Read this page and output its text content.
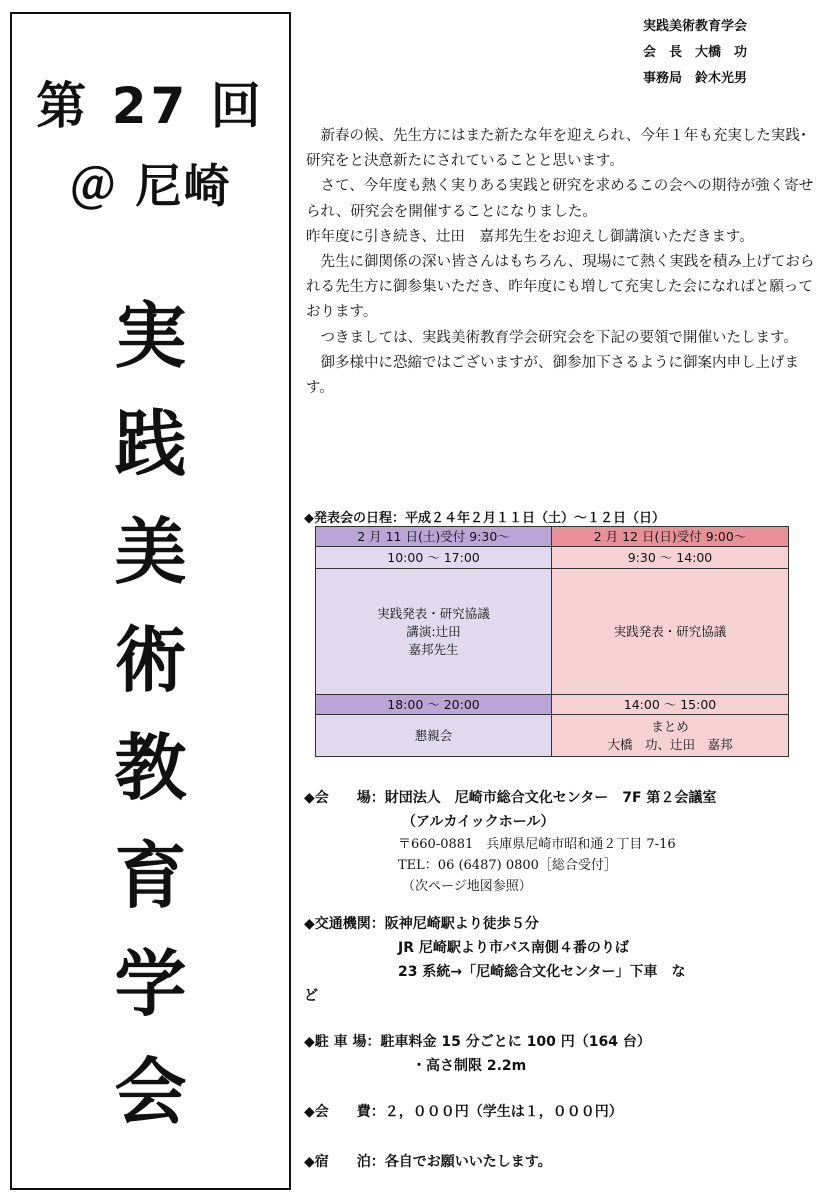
第 27 回
＠ 尼崎
実
践
美
術
教
育
学
会
実践美術教育学会
会　長　大橋　功
事務局　鈴木光男

新春の候、先生方にはまた新たな年を迎えられ、今年１年も充実した実践･研究をと決意新たにされていることと思います。

さて、今年度も熱く実りある実践と研究を求めるこの会への期待が強く寄せられ、研究会を開催することになりました。

昨年度に引き続き、辻田　嘉邦先生をお迎えし御講演いただきます。

先生に御関係の深い皆さんはもちろん、現場にて熱く実践を積み上げておられる先生方に御参集いただき、昨年度にも増して充実した会になればと願っております。

つきましては、実践美術教育学会研究会を下記の要領で開催いたします。

御多様中に恐縮ではございますが、御参加下さるように御案内申し上げます。

◆発表会の日程：平成２４年２月１１日（土）～１２日（日）
2 月 11 日(土)受付 9:30～	2 月 12 日(日)受付 9:00～
10:00 ～ 17:00	9:30 ～ 14:00

実践発表・研究協議
講演:辻田
嘉邦先生	実践発表・研究協議
18:00 ～ 20:00	14:00 ～ 15:00
懇親会	まとめ
大橋　功、辻田　嘉邦
◆会　　場：財団法人　尼崎市総合文化センター　7F 第２会議室
（アルカイックホール）
〒660-0881　兵庫県尼崎市昭和通２丁目 7-16
TEL：06 (6487) 0800［総合受付］
（次ページ地図参照）
◆交通機関：阪神尼崎駅より徒歩５分
JR 尼崎駅より市バス南側４番のりば
23 系統→「尼崎総合文化センター」下車　な
ど
◆駐 車 場：駐車料金 15 分ごとに 100 円（164 台）
・高さ制限 2.2m
◆会　　費：２，０００円（学生は１，０００円）
◆宿　　泊：各自でお願いいたします。
